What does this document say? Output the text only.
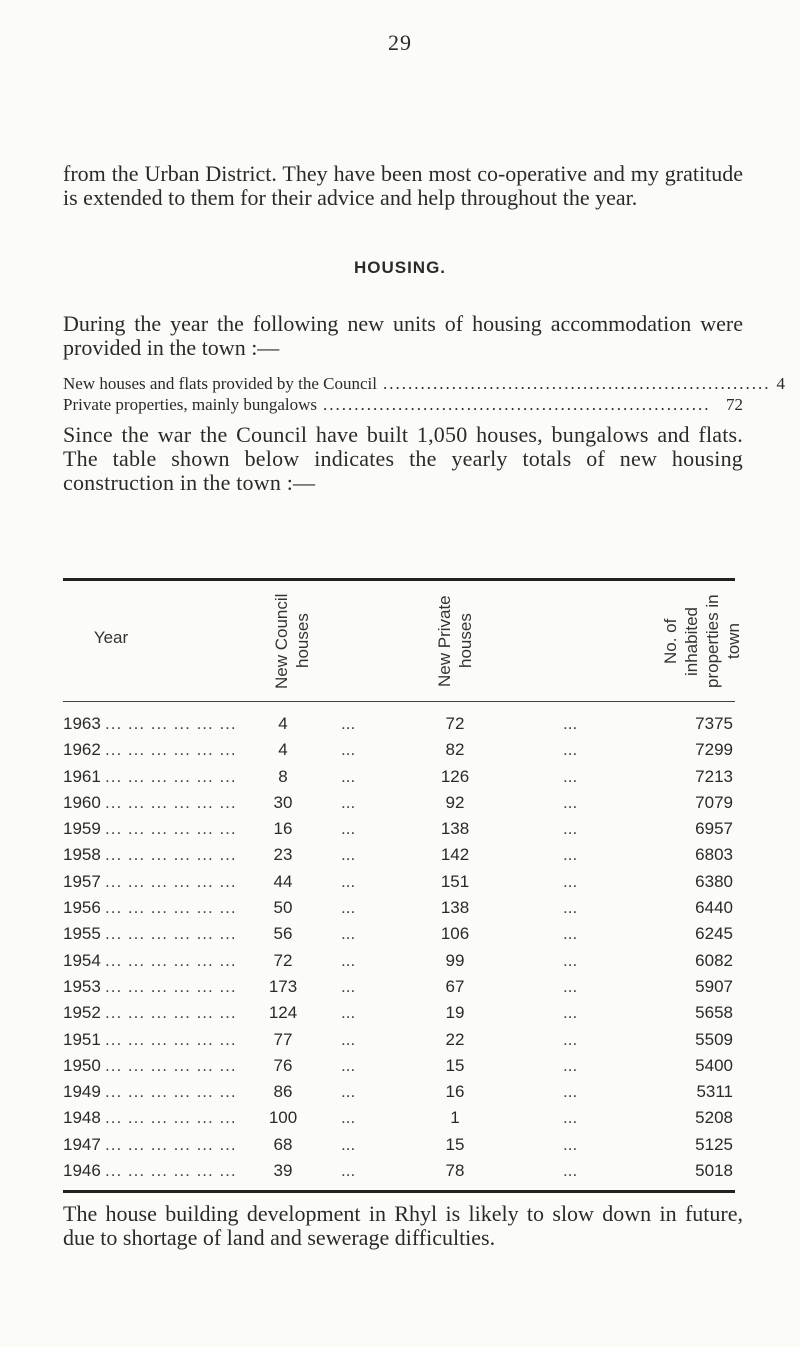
29

from the Urban District. They have been most co-operative and my gratitude is extended to them for their advice and help throughout the year.

HOUSING.

During the year the following new units of housing accommodation were provided in the town :—

New houses and flats provided by the Council .............................................................. 4
Private properties, mainly bungalows .............................................................. 72

Since the war the Council have built 1,050 houses, bungalows and flats. The table shown below indicates the yearly totals of new housing construction in the town :—

Year	New Council houses	New Private houses	No. of inhabited properties in town
1963 ... ... ... ... ... ...	4	...	72	...	7375
1962 ... ... ... ... ... ...	4	...	82	...	7299
1961 ... ... ... ... ... ...	8	...	126	...	7213
1960 ... ... ... ... ... ...	30	...	92	...	7079
1959 ... ... ... ... ... ...	16	...	138	...	6957
1958 ... ... ... ... ... ...	23	...	142	...	6803
1957 ... ... ... ... ... ...	44	...	151	...	6380
1956 ... ... ... ... ... ...	50	...	138	...	6440
1955 ... ... ... ... ... ...	56	...	106	...	6245
1954 ... ... ... ... ... ...	72	...	99	...	6082
1953 ... ... ... ... ... ...	173	...	67	...	5907
1952 ... ... ... ... ... ...	124	...	19	...	5658
1951 ... ... ... ... ... ...	77	...	22	...	5509
1950 ... ... ... ... ... ...	76	...	15	...	5400
1949 ... ... ... ... ... ...	86	...	16	...	5311
1948 ... ... ... ... ... ...	100	...	1	...	5208
1947 ... ... ... ... ... ...	68	...	15	...	5125
1946 ... ... ... ... ... ...	39	...	78	...	5018

The house building development in Rhyl is likely to slow down in future, due to shortage of land and sewerage difficulties.
